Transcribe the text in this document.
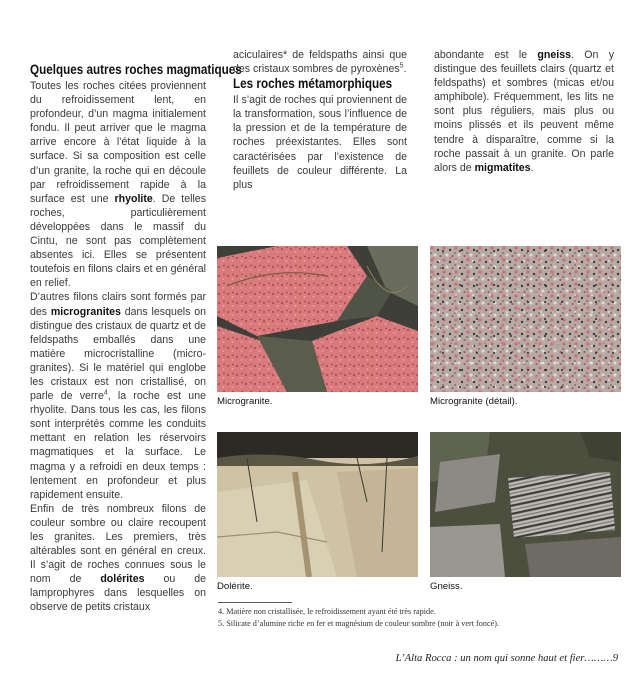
Quelques autres roches magmatiques

Toutes les roches citées proviennent du refroidissement lent, en profondeur, d’un magma initialement fondu. Il peut arriver que le magma arrive encore à l’état liquide à la surface. Si sa composition est celle d’un granite, la roche qui en découle par refroidissement rapide à la surface est une rhyolite. De telles roches, particulièrement développées dans le massif du Cintu, ne sont pas complètement absentes ici. Elles se présentent toutefois en filons clairs et en général en relief.

D’autres filons clairs sont formés par des microgranites dans lesquels on distingue des cristaux de quartz et de feldspaths emballés dans une matière microcristalline (micro-granites). Si le matériel qui englobe les cristaux est non cristallisé, on parle de verre$^4$, la roche est une rhyolite. Dans tous les cas, les filons sont interprétés comme les conduits mettant en relation les réservoirs magmatiques et la surface. Le magma y a refroidi en deux temps : lentement en profondeur et plus rapidement ensuite.

Enfin de très nombreux filons de couleur sombre ou claire recoupent les granites. Les premiers, très altérables sont en général en creux. Il s’agit de roches connues sous le nom de dolérites ou de lamprophyres dans lesquelles on observe de petits cristaux

aciculaires* de feldspaths ainsi que des cristaux sombres de pyroxènes$^5$.

Les roches métamorphiques

Il s’agit de roches qui proviennent de la transformation, sous l’influence de la pression et de la température de roches préexistantes. Elles sont caractérisées par l’existence de feuillets de couleur différente. La plus

abondante est le gneiss. On y distingue des feuillets clairs (quartz et feldspaths) et sombres (micas et/ou amphibole). Fréquemment, les lits ne sont plus réguliers, mais plus ou moins plissés et ils peuvent même tendre à disparaître, comme si la roche passait à un granite. On parle alors de migmatites.

Microgranite.	Microgranite (détail).
Dolérite.	Gneiss.
4. Matière non cristallisée, le refroidissement ayant été très rapide.
5. Silicate d’alumine riche en fer et magnésium de couleur sombre (noir à vert foncé).
L’Alta Rocca : un nom qui sonne haut et fier………9
